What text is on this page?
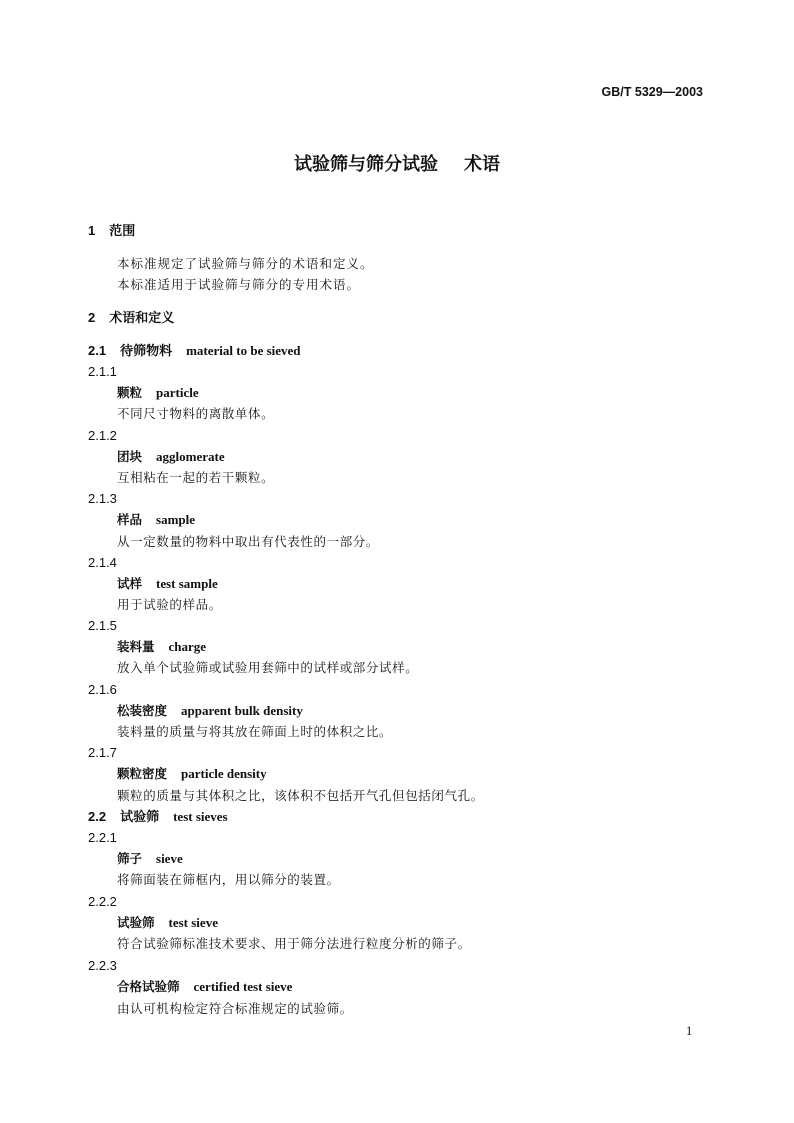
GB/T 5329—2003
试验筛与筛分试验 术语
1 范围
本标准规定了试验筛与筛分的术语和定义。
本标准适用于试验筛与筛分的专用术语。
2 术语和定义
2.1 待筛物料 material to be sieved
2.1.1
颗粒 particle
不同尺寸物料的离散单体。
2.1.2
团块 agglomerate
互相粘在一起的若干颗粒。
2.1.3
样品 sample
从一定数量的物料中取出有代表性的一部分。
2.1.4
试样 test sample
用于试验的样品。
2.1.5
装料量 charge
放入单个试验筛或试验用套筛中的试样或部分试样。
2.1.6
松装密度 apparent bulk density
装料量的质量与将其放在筛面上时的体积之比。
2.1.7
颗粒密度 particle density
颗粒的质量与其体积之比，该体积不包括开气孔但包括闭气孔。
2.2 试验筛 test sieves
2.2.1
筛子 sieve
将筛面装在筛框内，用以筛分的装置。
2.2.2
试验筛 test sieve
符合试验筛标准技术要求、用于筛分法进行粒度分析的筛子。
2.2.3
合格试验筛 certified test sieve
由认可机构检定符合标准规定的试验筛。
1
